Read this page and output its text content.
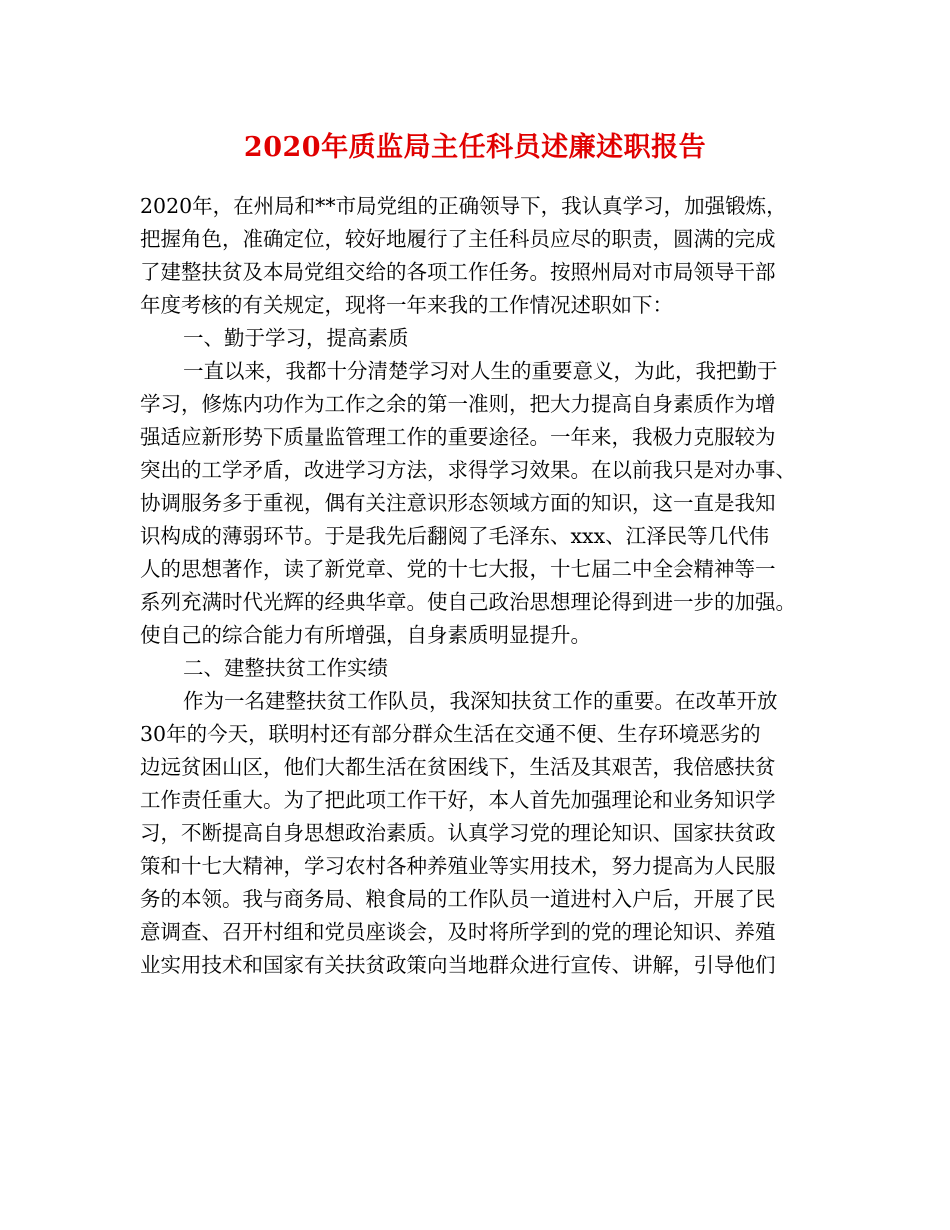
2020年质监局主任科员述廉述职报告
2020年，在州局和**市局党组的正确领导下，我认真学习，加强锻炼，
把握角色，准确定位，较好地履行了主任科员应尽的职责，圆满的完成
了建整扶贫及本局党组交给的各项工作任务。按照州局对市局领导干部
年度考核的有关规定，现将一年来我的工作情况述职如下：
一、勤于学习，提高素质
一直以来，我都十分清楚学习对人生的重要意义，为此，我把勤于
学习，修炼内功作为工作之余的第一准则，把大力提高自身素质作为增
强适应新形势下质量监管理工作的重要途径。一年来，我极力克服较为
突出的工学矛盾，改进学习方法，求得学习效果。在以前我只是对办事、
协调服务多于重视，偶有关注意识形态领域方面的知识，这一直是我知
识构成的薄弱环节。于是我先后翻阅了毛泽东、xxx、江泽民等几代伟
人的思想著作，读了新党章、党的十七大报，十七届二中全会精神等一
系列充满时代光辉的经典华章。使自己政治思想理论得到进一步的加强。
使自己的综合能力有所增强，自身素质明显提升。
二、建整扶贫工作实绩
作为一名建整扶贫工作队员，我深知扶贫工作的重要。在改革开放
30年的今天，联明村还有部分群众生活在交通不便、生存环境恶劣的
边远贫困山区，他们大都生活在贫困线下，生活及其艰苦，我倍感扶贫
工作责任重大。为了把此项工作干好，本人首先加强理论和业务知识学
习，不断提高自身思想政治素质。认真学习党的理论知识、国家扶贫政
策和十七大精神，学习农村各种养殖业等实用技术，努力提高为人民服
务的本领。我与商务局、粮食局的工作队员一道进村入户后，开展了民
意调查、召开村组和党员座谈会，及时将所学到的党的理论知识、养殖
业实用技术和国家有关扶贫政策向当地群众进行宣传、讲解，引导他们
